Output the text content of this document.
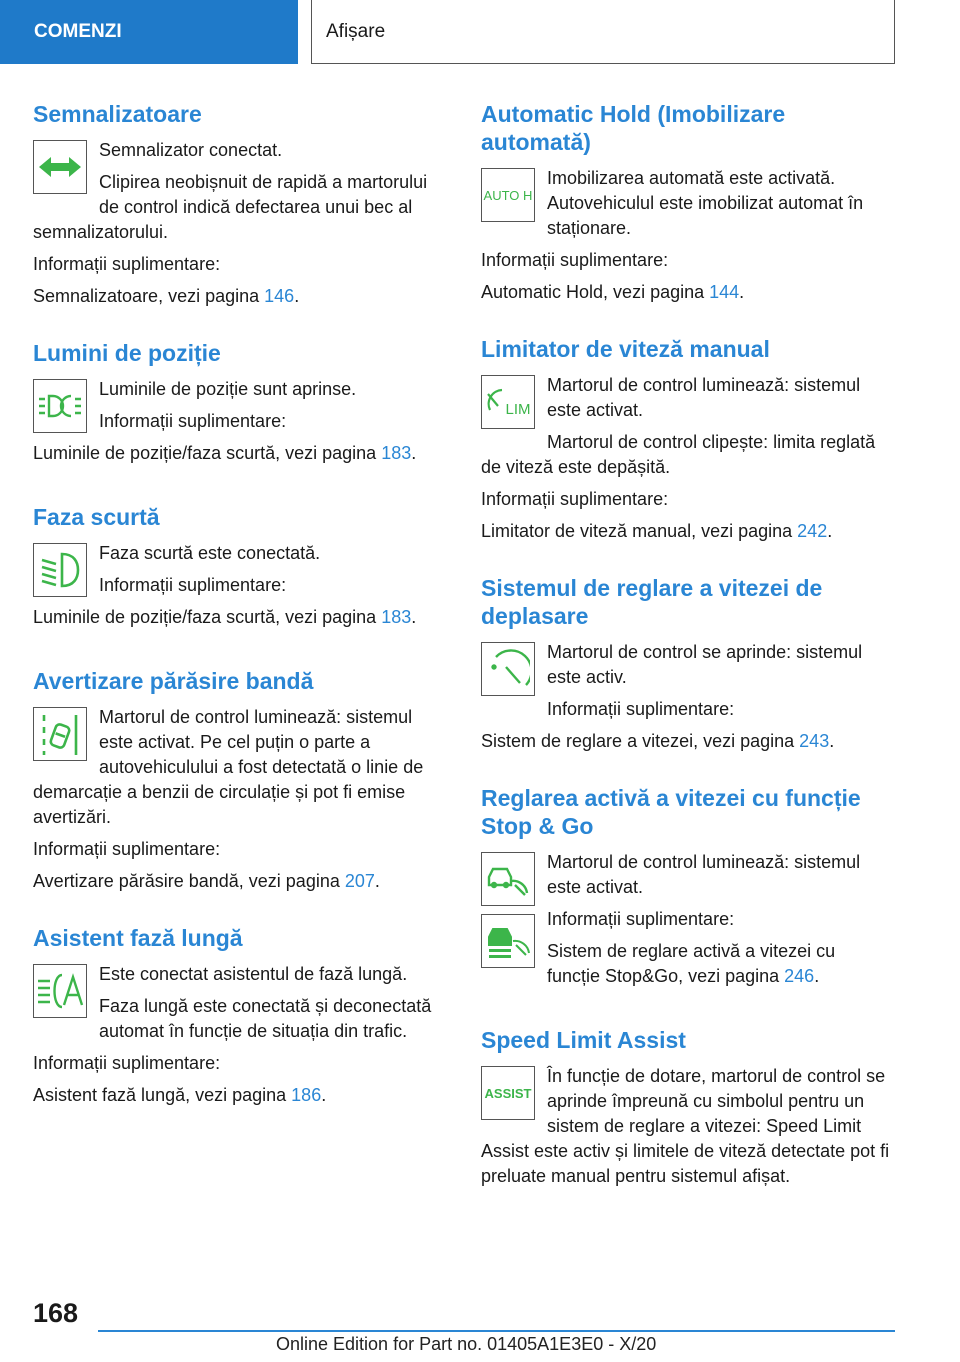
COMENZI	Afișare
Semnalizatoare

Semnalizator conectat.

Clipirea neobișnuit de rapidă a martorului de control indică defectarea unui bec al semnalizatorului.

Informații suplimentare:

Semnalizatoare, vezi pagina 146.

Lumini de poziție

Luminile de poziție sunt aprinse.

Informații suplimentare:

Luminile de poziție/faza scurtă, vezi pagina 183.

Faza scurtă

Faza scurtă este conectată.

Informații suplimentare:

Luminile de poziție/faza scurtă, vezi pagina 183.

Avertizare părăsire bandă

Martorul de control luminează: sistemul este activat. Pe cel puțin o parte a autovehiculului a fost detectată o linie de demarcație a benzii de circulație și pot fi emise avertizări.

Informații suplimentare:

Avertizare părăsire bandă, vezi pagina 207.

Asistent fază lungă

Este conectat asistentul de fază lungă.

Faza lungă este conectată și deconectată automat în funcție de situația din trafic.

Informații suplimentare:

Asistent fază lungă, vezi pagina 186.

Automatic Hold (Imobilizare automată)
AUTO H

Imobilizarea automată este activată. Autovehiculul este imobilizat automat în staționare.

Informații suplimentare:

Automatic Hold, vezi pagina 144.

Limitator de viteză manual
LIM

Martorul de control luminează: sistemul este activat.

Martorul de control clipește: limita reglată de viteză este depășită.

Informații suplimentare:

Limitator de viteză manual, vezi pagina 242.

Sistemul de reglare a vitezei de deplasare

Martorul de control se aprinde: sistemul este activ.

Informații suplimentare:

Sistem de reglare a vitezei, vezi pagina 243.

Reglarea activă a vitezei cu funcție Stop & Go

Martorul de control luminează: sistemul este activat.

Informații suplimentare:

Sistem de reglare activă a vitezei cu funcție Stop&Go, vezi pagina 246.

Speed Limit Assist
ASSIST

În funcție de dotare, martorul de control se aprinde împreună cu simbolul pentru un sistem de reglare a vitezei: Speed Limit Assist este activ și limitele de viteză detectate pot fi preluate manual pentru sistemul afișat.

168
Online Edition for Part no. 01405A1E3E0 - X/20
